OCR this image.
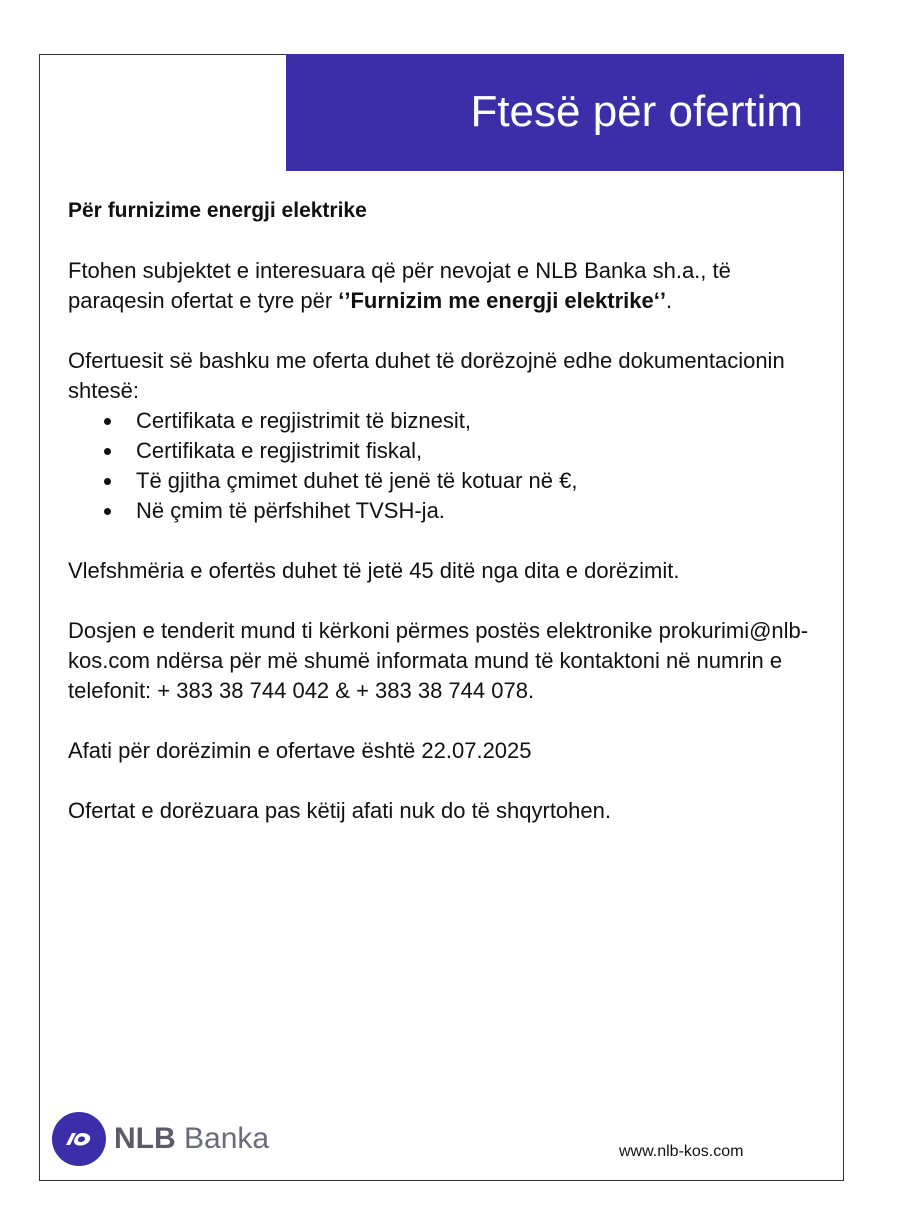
Ftesë për ofertim

Për furnizime energji elektrike

Ftohen subjektet e interesuara që për nevojat e NLB Banka sh.a., të paraqesin ofertat e tyre për ‘’Furnizim me energji elektrike‘’.

Ofertuesit së bashku me oferta duhet të dorëzojnë edhe dokumentacionin shtesë:

Certifikata e regjistrimit të biznesit,
Certifikata e regjistrimit fiskal,
Të gjitha çmimet duhet të jenë të kotuar në €,
Në çmim të përfshihet TVSH-ja.

Vlefshmëria e ofertës duhet të jetë 45 ditë nga dita e dorëzimit.

Dosjen e tenderit mund ti kërkoni përmes postës elektronike prokurimi@nlb-kos.com ndërsa për më shumë informata mund të kontaktoni në numrin e telefonit: + 383 38 744 042 & + 383 38 744 078.

Afati për dorëzimin e ofertave është 22.07.2025

Ofertat e dorëzuara pas këtij afati nuk do të shqyrtohen.

NLB Banka	www.nlb-kos.com
